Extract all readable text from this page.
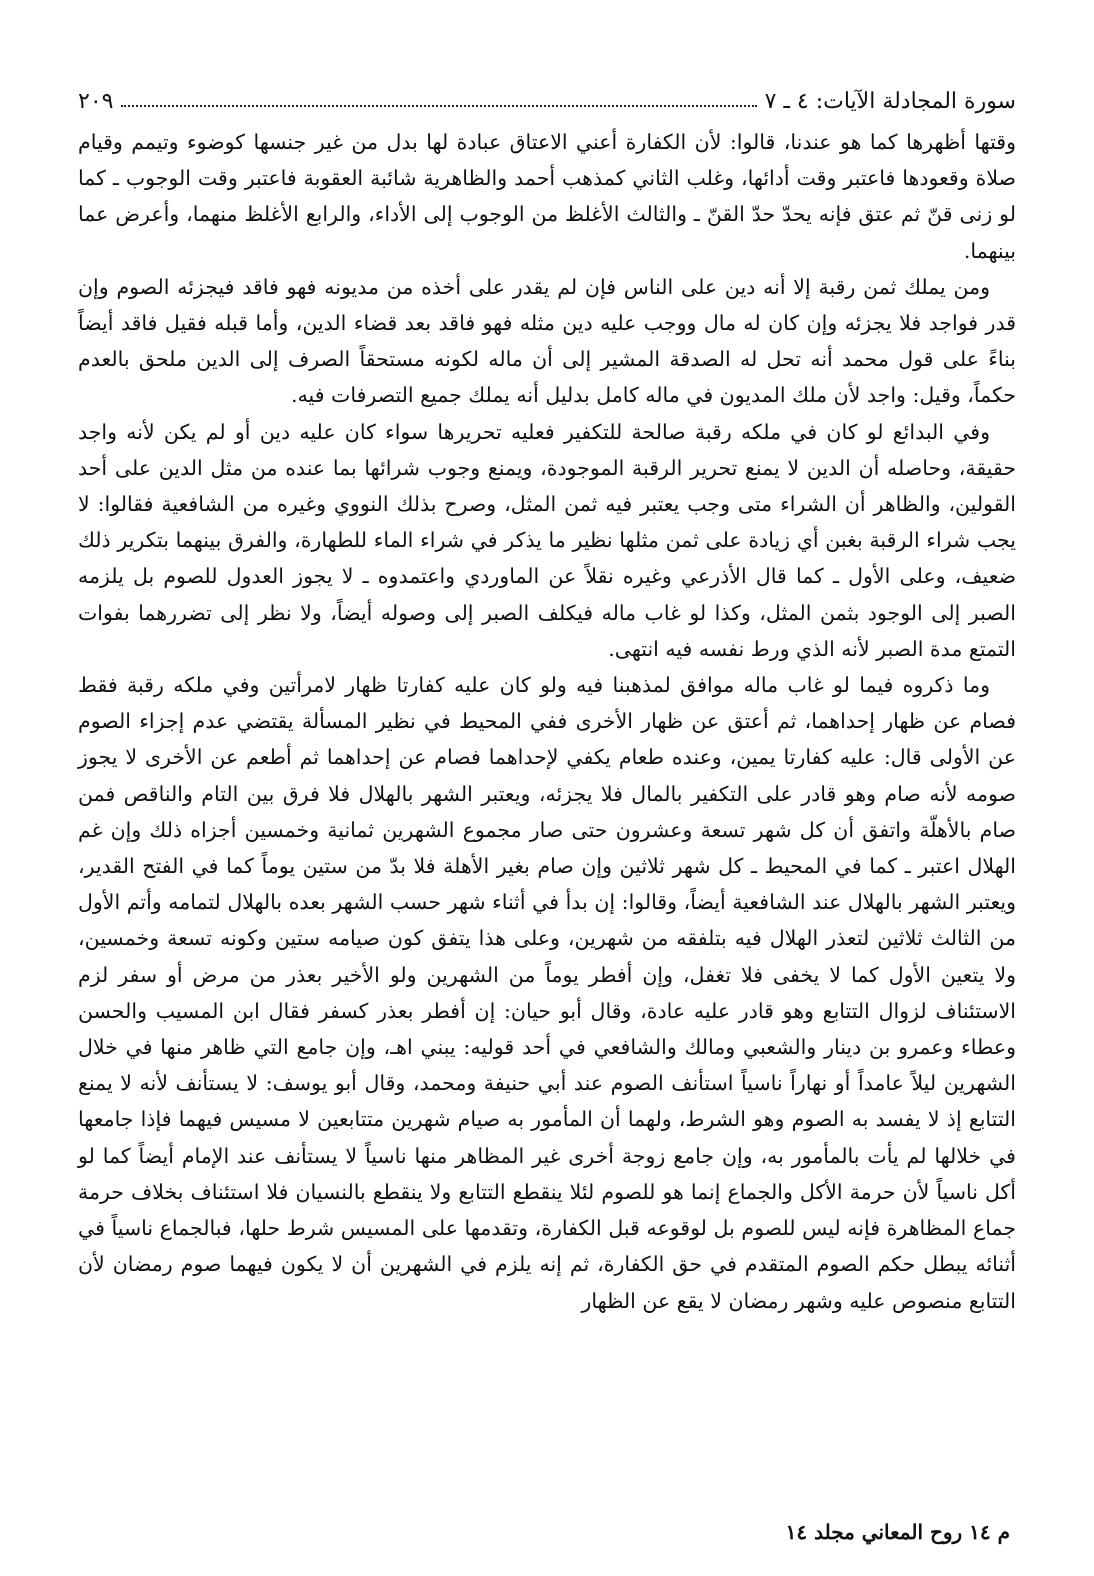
سورة المجادلة الآيات: ٤ ـ ٧
٢٠٩

وقتها أظهرها كما هو عندنا، قالوا: لأن الكفارة أعني الاعتاق عبادة لها بدل من غير جنسها كوضوء وتيمم وقيام صلاة وقعودها فاعتبر وقت أدائها، وغلب الثاني كمذهب أحمد والظاهرية شائبة العقوبة فاعتبر وقت الوجوب ـ كما لو زنى قنّ ثم عتق فإنه يحدّ حدّ القنّ ـ والثالث الأغلظ من الوجوب إلى الأداء، والرابع الأغلظ منهما، وأعرض عما بينهما.

ومن يملك ثمن رقبة إلا أنه دين على الناس فإن لم يقدر على أخذه من مديونه فهو فاقد فيجزئه الصوم وإن قدر فواجد فلا يجزئه وإن كان له مال ووجب عليه دين مثله فهو فاقد بعد قضاء الدين، وأما قبله فقيل فاقد أيضاً بناءً على قول محمد أنه تحل له الصدقة المشير إلى أن ماله لكونه مستحقاً الصرف إلى الدين ملحق بالعدم حكماً، وقيل: واجد لأن ملك المديون في ماله كامل بدليل أنه يملك جميع التصرفات فيه.

وفي البدائع لو كان في ملكه رقبة صالحة للتكفير فعليه تحريرها سواء كان عليه دين أو لم يكن لأنه واجد حقيقة، وحاصله أن الدين لا يمنع تحرير الرقبة الموجودة، ويمنع وجوب شرائها بما عنده من مثل الدين على أحد القولين، والظاهر أن الشراء متى وجب يعتبر فيه ثمن المثل، وصرح بذلك النووي وغيره من الشافعية فقالوا: لا يجب شراء الرقبة بغبن أي زيادة على ثمن مثلها نظير ما يذكر في شراء الماء للطهارة، والفرق بينهما بتكرير ذلك ضعيف، وعلى الأول ـ كما قال الأذرعي وغيره نقلاً عن الماوردي واعتمدوه ـ لا يجوز العدول للصوم بل يلزمه الصبر إلى الوجود بثمن المثل، وكذا لو غاب ماله فيكلف الصبر إلى وصوله أيضاً، ولا نظر إلى تضررهما بفوات التمتع مدة الصبر لأنه الذي ورط نفسه فيه انتهى.

وما ذكروه فيما لو غاب ماله موافق لمذهبنا فيه ولو كان عليه كفارتا ظهار لامرأتين وفي ملكه رقبة فقط فصام عن ظهار إحداهما، ثم أعتق عن ظهار الأخرى ففي المحيط في نظير المسألة يقتضي عدم إجزاء الصوم عن الأولى قال: عليه كفارتا يمين، وعنده طعام يكفي لإحداهما فصام عن إحداهما ثم أطعم عن الأخرى لا يجوز صومه لأنه صام وهو قادر على التكفير بالمال فلا يجزئه، ويعتبر الشهر بالهلال فلا فرق بين التام والناقص فمن صام بالأهلّة واتفق أن كل شهر تسعة وعشرون حتى صار مجموع الشهرين ثمانية وخمسين أجزاه ذلك وإن غم الهلال اعتبر ـ كما في المحيط ـ كل شهر ثلاثين وإن صام بغير الأهلة فلا بدّ من ستين يوماً كما في الفتح القدير، ويعتبر الشهر بالهلال عند الشافعية أيضاً، وقالوا: إن بدأ في أثناء شهر حسب الشهر بعده بالهلال لتمامه وأتم الأول من الثالث ثلاثين لتعذر الهلال فيه بتلفقه من شهرين، وعلى هذا يتفق كون صيامه ستين وكونه تسعة وخمسين، ولا يتعين الأول كما لا يخفى فلا تغفل، وإن أفطر يوماً من الشهرين ولو الأخير بعذر من مرض أو سفر لزم الاستئناف لزوال التتابع وهو قادر عليه عادة، وقال أبو حيان: إن أفطر بعذر كسفر فقال ابن المسيب والحسن وعطاء وعمرو بن دينار والشعبي ومالك والشافعي في أحد قوليه: يبني اهـ، وإن جامع التي ظاهر منها في خلال الشهرين ليلاً عامداً أو نهاراً ناسياً استأنف الصوم عند أبي حنيفة ومحمد، وقال أبو يوسف: لا يستأنف لأنه لا يمنع التتابع إذ لا يفسد به الصوم وهو الشرط، ولهما أن المأمور به صيام شهرين متتابعين لا مسيس فيهما فإذا جامعها في خلالها لم يأت بالمأمور به، وإن جامع زوجة أخرى غير المظاهر منها ناسياً لا يستأنف عند الإمام أيضاً كما لو أكل ناسياً لأن حرمة الأكل والجماع إنما هو للصوم لئلا ينقطع التتابع ولا ينقطع بالنسيان فلا استئناف بخلاف حرمة جماع المظاهرة فإنه ليس للصوم بل لوقوعه قبل الكفارة، وتقدمها على المسيس شرط حلها، فبالجماع ناسياً في أثنائه يبطل حكم الصوم المتقدم في حق الكفارة، ثم إنه يلزم في الشهرين أن لا يكون فيهما صوم رمضان لأن التتابع منصوص عليه وشهر رمضان لا يقع عن الظهار

م ١٤ روح المعاني مجلد ١٤
